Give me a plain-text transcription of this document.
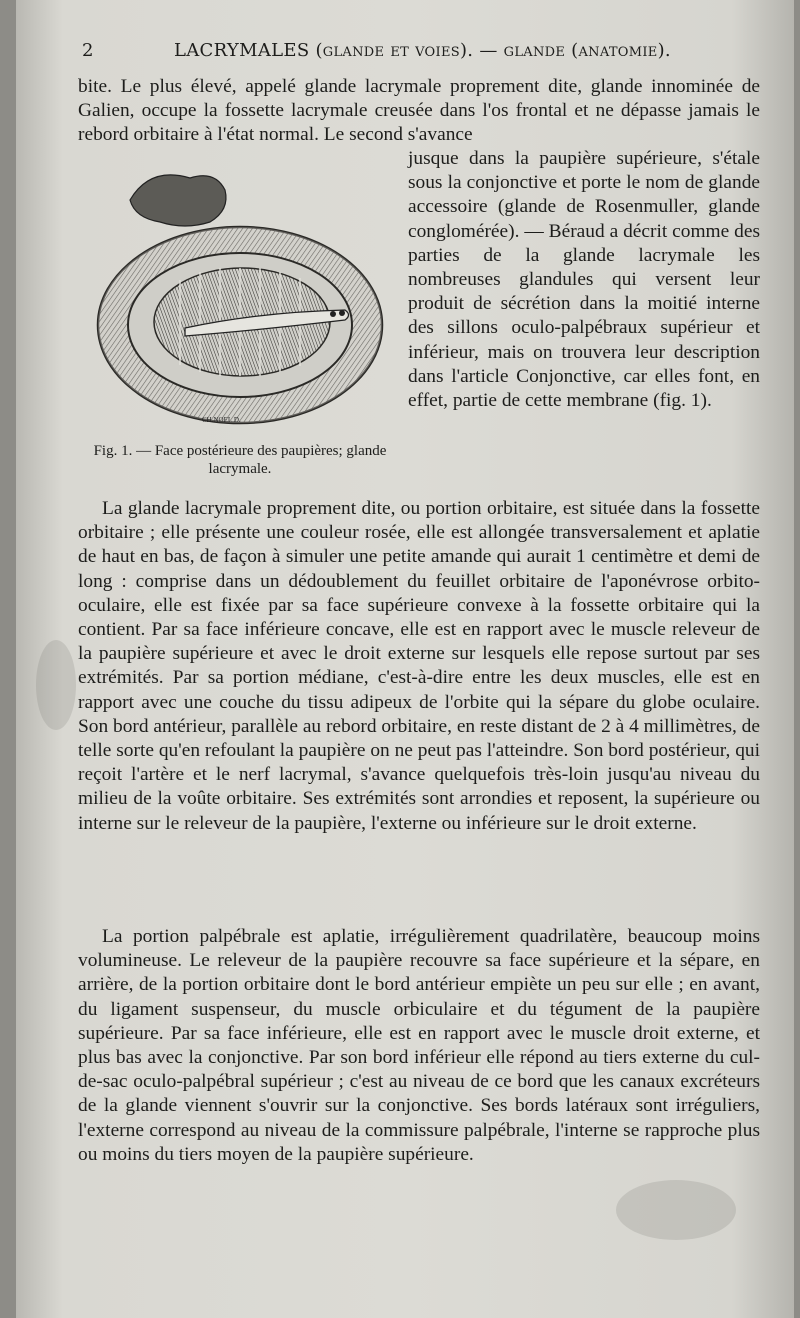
2	LACRYMALES (glande et voies). — glande (anatomie).

bite. Le plus élevé, appelé glande lacrymale proprement dite, glande innominée de Galien, occupe la fossette lacrymale creusée dans l'os frontal et ne dépasse jamais le rebord orbitaire à l'état normal. Le second s'avance

CH.NOEL.D.
Fig. 1. — Face postérieure des paupières; glande lacrymale.

jusque dans la paupière supérieure, s'étale sous la conjonctive et porte le nom de glande accessoire (glande de Rosenmuller, glande conglomérée). — Béraud a décrit comme des parties de la glande lacrymale les nombreuses glandules qui versent leur produit de sécrétion dans la moitié interne des sillons oculo-palpébraux supérieur et inférieur, mais on trouvera leur description dans l'article Conjonctive, car elles font, en effet, partie de cette membrane (fig. 1).

La glande lacrymale proprement dite, ou portion orbitaire, est située dans la fossette orbitaire ; elle présente une couleur rosée, elle est allongée transversalement et aplatie de haut en bas, de façon à simuler une petite amande qui aurait 1 centimètre et demi de long : comprise dans un dédoublement du feuillet orbitaire de l'aponévrose orbito-oculaire, elle est fixée par sa face supérieure convexe à la fossette orbitaire qui la contient. Par sa face inférieure concave, elle est en rapport avec le muscle releveur de la paupière supérieure et avec le droit externe sur lesquels elle repose surtout par ses extrémités. Par sa portion médiane, c'est-à-dire entre les deux muscles, elle est en rapport avec une couche du tissu adipeux de l'orbite qui la sépare du globe oculaire. Son bord antérieur, parallèle au rebord orbitaire, en reste distant de 2 à 4 millimètres, de telle sorte qu'en refoulant la paupière on ne peut pas l'atteindre. Son bord postérieur, qui reçoit l'artère et le nerf lacrymal, s'avance quelquefois très-loin jusqu'au niveau du milieu de la voûte orbitaire. Ses extrémités sont arrondies et reposent, la supérieure ou interne sur le releveur de la paupière, l'externe ou inférieure sur le droit externe.

La portion palpébrale est aplatie, irrégulièrement quadrilatère, beaucoup moins volumineuse. Le releveur de la paupière recouvre sa face supérieure et la sépare, en arrière, de la portion orbitaire dont le bord antérieur empiète un peu sur elle ; en avant, du ligament suspenseur, du muscle orbiculaire et du tégument de la paupière supérieure. Par sa face inférieure, elle est en rapport avec le muscle droit externe, et plus bas avec la conjonctive. Par son bord inférieur elle répond au tiers externe du cul-de-sac oculo-palpébral supérieur ; c'est au niveau de ce bord que les canaux excréteurs de la glande viennent s'ouvrir sur la conjonctive. Ses bords latéraux sont irréguliers, l'externe correspond au niveau de la commissure palpébrale, l'interne se rapproche plus ou moins du tiers moyen de la paupière supérieure.
